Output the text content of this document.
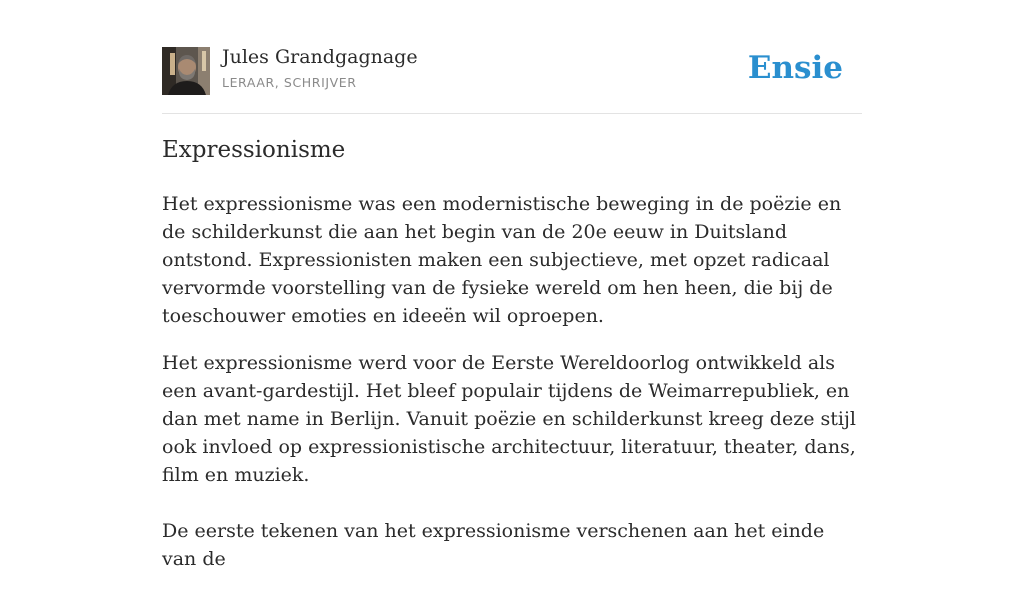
Jules Grandgagnage
LERAAR, SCHRIJVER	Ensie
Expressionisme

Het expressionisme was een modernistische beweging in de poëzie en de schilderkunst die aan het begin van de 20e eeuw in Duitsland ontstond. Expressionisten maken een subjectieve, met opzet radicaal vervormde voorstelling van de fysieke wereld om hen heen, die bij de toeschouwer emoties en ideeën wil oproepen.

Het expressionisme werd voor de Eerste Wereldoorlog ontwikkeld als een avant-gardestijl. Het bleef populair tijdens de Weimarrepubliek, en dan met name in Berlijn. Vanuit poëzie en schilderkunst kreeg deze stijl ook invloed op expressionistische architectuur, literatuur, theater, dans, film en muziek.

De eerste tekenen van het expressionisme verschenen aan het einde van de
